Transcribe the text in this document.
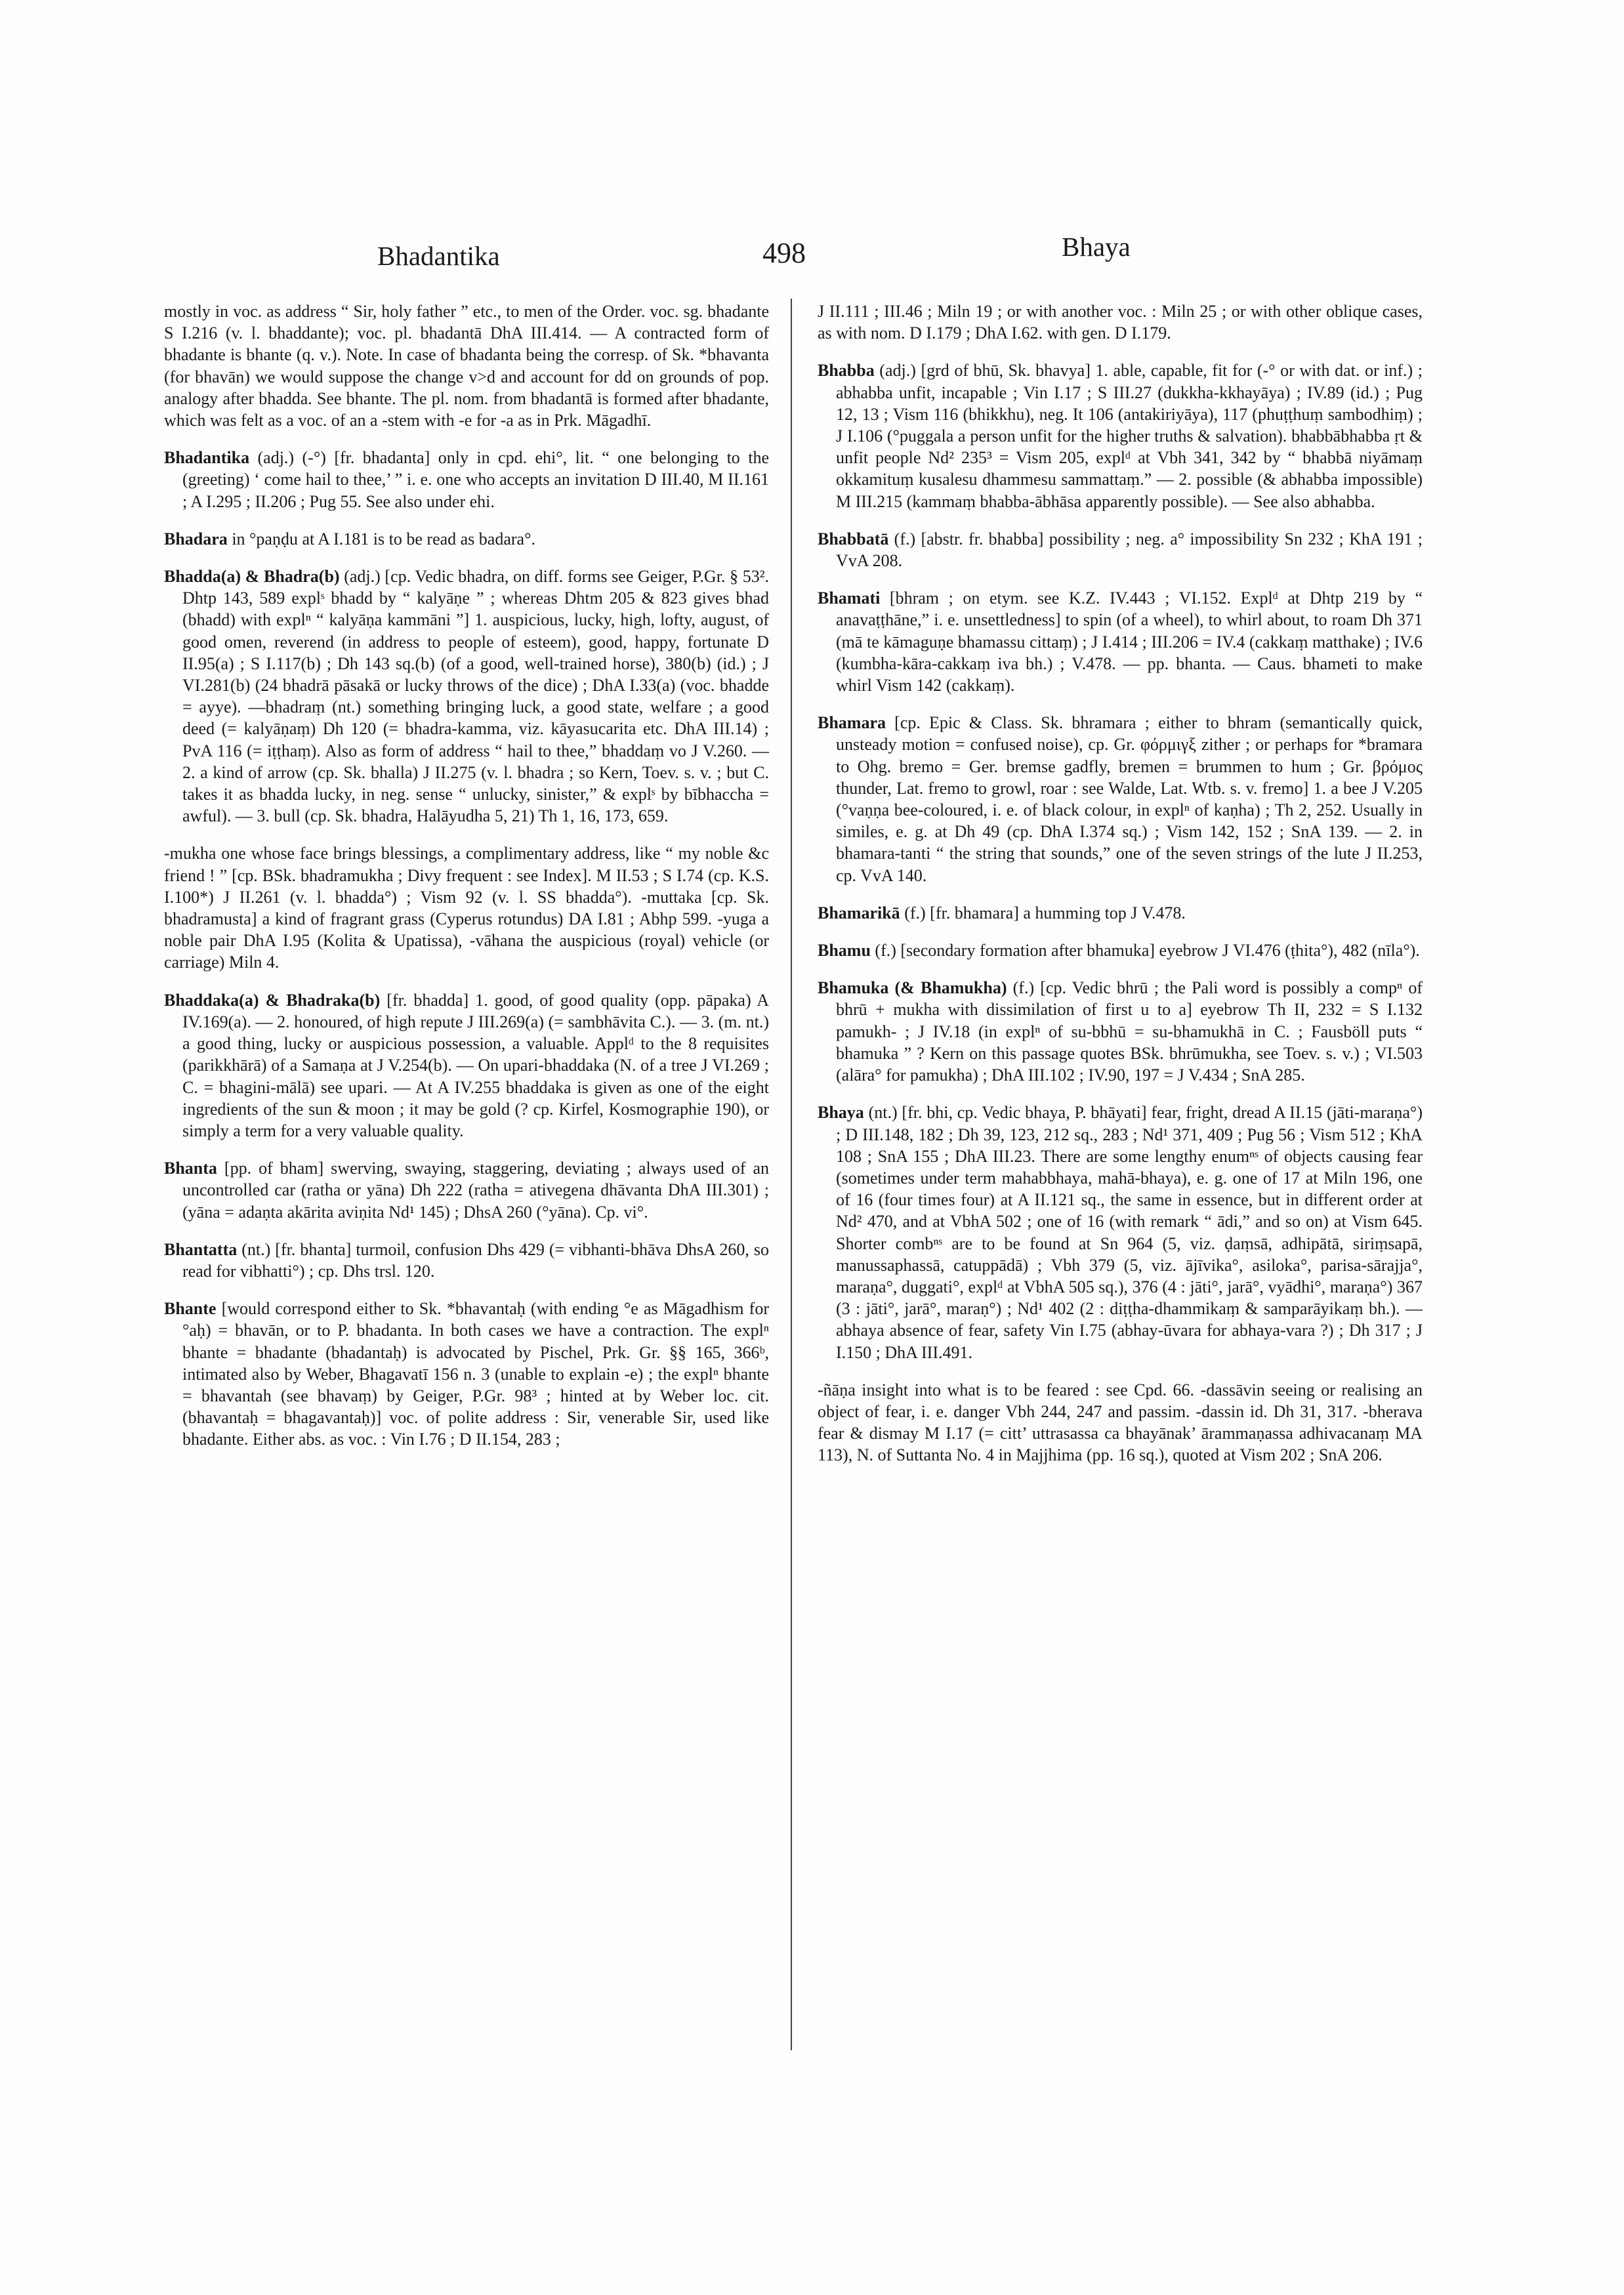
Bhadantika	498	Bhaya

mostly in voc. as address “ Sir, holy father ” etc., to men of the Order. voc. sg. bhadante S I.216 (v. l. bhaddante); voc. pl. bhadantā DhA III.414. — A contracted form of bhadante is bhante (q. v.). Note. In case of bhadanta being the corresp. of Sk. *bhavanta (for bhavān) we would suppose the change v>d and account for dd on grounds of pop. analogy after bhadda. See bhante. The pl. nom. from bhadantā is formed after bhadante, which was felt as a voc. of an a -stem with -e for -a as in Prk. Māgadhī.

Bhadantika (adj.) (-°) [fr. bhadanta] only in cpd. ehi°, lit. “ one belonging to the (greeting) ‘ come hail to thee,’ ” i. e. one who accepts an invitation D III.40, M II.161 ; A I.295 ; II.206 ; Pug 55. See also under ehi.

Bhadara in °paṇḍu at A I.181 is to be read as badara°.

Bhadda(a) & Bhadra(b) (adj.) [cp. Vedic bhadra, on diff. forms see Geiger, P.Gr. § 53². Dhtp 143, 589 explˢ bhadd by “ kalyāṇe ” ; whereas Dhtm 205 & 823 gives bhad (bhadd) with explⁿ “ kalyāṇa kammāni ”] 1. auspicious, lucky, high, lofty, august, of good omen, reverend (in address to people of esteem), good, happy, fortunate D II.95(a) ; S I.117(b) ; Dh 143 sq.(b) (of a good, well-trained horse), 380(b) (id.) ; J VI.281(b) (24 bhadrā pāsakā or lucky throws of the dice) ; DhA I.33(a) (voc. bhadde = ayye). —bhadraṃ (nt.) something bringing luck, a good state, welfare ; a good deed (= kalyāṇaṃ) Dh 120 (= bhadra-kamma, viz. kāyasucarita etc. DhA III.14) ; PvA 116 (= iṭṭhaṃ). Also as form of address “ hail to thee,” bhaddaṃ vo J V.260. — 2. a kind of arrow (cp. Sk. bhalla) J II.275 (v. l. bhadra ; so Kern, Toev. s. v. ; but C. takes it as bhadda lucky, in neg. sense “ unlucky, sinister,” & explˢ by bībhaccha = awful). — 3. bull (cp. Sk. bhadra, Halāyudha 5, 21) Th 1, 16, 173, 659.

-mukha one whose face brings blessings, a complimentary address, like “ my noble &c friend ! ” [cp. BSk. bhadramukha ; Divy frequent : see Index]. M II.53 ; S I.74 (cp. K.S. I.100*) J II.261 (v. l. bhadda°) ; Vism 92 (v. l. SS bhadda°). -muttaka [cp. Sk. bhadramusta] a kind of fragrant grass (Cyperus rotundus) DA I.81 ; Abhp 599. -yuga a noble pair DhA I.95 (Kolita & Upatissa), -vāhana the auspicious (royal) vehicle (or carriage) Miln 4.

Bhaddaka(a) & Bhadraka(b) [fr. bhadda] 1. good, of good quality (opp. pāpaka) A IV.169(a). — 2. honoured, of high repute J III.269(a) (= sambhāvita C.). — 3. (m. nt.) a good thing, lucky or auspicious possession, a valuable. Applᵈ to the 8 requisites (parikkhārā) of a Samaṇa at J V.254(b). — On upari-bhaddaka (N. of a tree J VI.269 ; C. = bhagini-mālā) see upari. — At A IV.255 bhaddaka is given as one of the eight ingredients of the sun & moon ; it may be gold (? cp. Kirfel, Kosmographie 190), or simply a term for a very valuable quality.

Bhanta [pp. of bham] swerving, swaying, staggering, deviating ; always used of an uncontrolled car (ratha or yāna) Dh 222 (ratha = ativegena dhāvanta DhA III.301) ; (yāna = adaṇta akārita aviṇita Nd¹ 145) ; DhsA 260 (°yāna). Cp. vi°.

Bhantatta (nt.) [fr. bhanta] turmoil, confusion Dhs 429 (= vibhanti-bhāva DhsA 260, so read for vibhatti°) ; cp. Dhs trsl. 120.

Bhante [would correspond either to Sk. *bhavantaḥ (with ending °e as Māgadhism for °aḥ) = bhavān, or to P. bhadanta. In both cases we have a contraction. The explⁿ bhante = bhadante (bhadantaḥ) is advocated by Pischel, Prk. Gr. §§ 165, 366ᵇ, intimated also by Weber, Bhagavatī 156 n. 3 (unable to explain -e) ; the explⁿ bhante = bhavantah (see bhavaṃ) by Geiger, P.Gr. 98³ ; hinted at by Weber loc. cit. (bhavantaḥ = bhagavantaḥ)] voc. of polite address : Sir, venerable Sir, used like bhadante. Either abs. as voc. : Vin I.76 ; D II.154, 283 ;

J II.111 ; III.46 ; Miln 19 ; or with another voc. : Miln 25 ; or with other oblique cases, as with nom. D I.179 ; DhA I.62. with gen. D I.179.

Bhabba (adj.) [grd of bhū, Sk. bhavya] 1. able, capable, fit for (-° or with dat. or inf.) ; abhabba unfit, incapable ; Vin I.17 ; S III.27 (dukkha-kkhayāya) ; IV.89 (id.) ; Pug 12, 13 ; Vism 116 (bhikkhu), neg. It 106 (antakiriyāya), 117 (phuṭṭhuṃ sambodhiṃ) ; J I.106 (°puggala a person unfit for the higher truths & salvation). bhabbābhabba ṛt & unfit people Nd² 235³ = Vism 205, explᵈ at Vbh 341, 342 by “ bhabbā niyāmaṃ okkamituṃ kusalesu dhammesu sammattaṃ.” — 2. possible (& abhabba impossible) M III.215 (kammaṃ bhabba-ābhāsa apparently possible). — See also abhabba.

Bhabbatā (f.) [abstr. fr. bhabba] possibility ; neg. a° impossibility Sn 232 ; KhA 191 ; VvA 208.

Bhamati [bhram ; on etym. see K.Z. IV.443 ; VI.152. Explᵈ at Dhtp 219 by “ anavaṭṭhāne,” i. e. unsettledness] to spin (of a wheel), to whirl about, to roam Dh 371 (mā te kāmaguṇe bhamassu cittaṃ) ; J I.414 ; III.206 = IV.4 (cakkaṃ matthake) ; IV.6 (kumbha-kāra-cakkaṃ iva bh.) ; V.478. — pp. bhanta. — Caus. bhameti to make whirl Vism 142 (cakkaṃ).

Bhamara [cp. Epic & Class. Sk. bhramara ; either to bhram (semantically quick, unsteady motion = confused noise), cp. Gr. φόρμιγξ zither ; or perhaps for *bramara to Ohg. bremo = Ger. bremse gadfly, bremen = brummen to hum ; Gr. βρόμος thunder, Lat. fremo to growl, roar : see Walde, Lat. Wtb. s. v. fremo] 1. a bee J V.205 (°vaṇṇa bee-coloured, i. e. of black colour, in explⁿ of kaṇha) ; Th 2, 252. Usually in similes, e. g. at Dh 49 (cp. DhA I.374 sq.) ; Vism 142, 152 ; SnA 139. — 2. in bhamara-tanti “ the string that sounds,” one of the seven strings of the lute J II.253, cp. VvA 140.

Bhamarikā (f.) [fr. bhamara] a humming top J V.478.

Bhamu (f.) [secondary formation after bhamuka] eyebrow J VI.476 (ṭhita°), 482 (nīla°).

Bhamuka (& Bhamukha) (f.) [cp. Vedic bhrū ; the Pali word is possibly a compⁿ of bhrū + mukha with dissimilation of first u to a] eyebrow Th II, 232 = S I.132 pamukh- ; J IV.18 (in explⁿ of su-bbhū = su-bhamukhā in C. ; Fausböll puts “ bhamuka ” ? Kern on this passage quotes BSk. bhrūmukha, see Toev. s. v.) ; VI.503 (alāra° for pamukha) ; DhA III.102 ; IV.90, 197 = J V.434 ; SnA 285.

Bhaya (nt.) [fr. bhi, cp. Vedic bhaya, P. bhāyati] fear, fright, dread A II.15 (jāti-maraṇa°) ; D III.148, 182 ; Dh 39, 123, 212 sq., 283 ; Nd¹ 371, 409 ; Pug 56 ; Vism 512 ; KhA 108 ; SnA 155 ; DhA III.23. There are some lengthy enumⁿˢ of objects causing fear (sometimes under term mahabbhaya, mahā-bhaya), e. g. one of 17 at Miln 196, one of 16 (four times four) at A II.121 sq., the same in essence, but in different order at Nd² 470, and at VbhA 502 ; one of 16 (with remark “ ādi,” and so on) at Vism 645. Shorter combⁿˢ are to be found at Sn 964 (5, viz. ḍaṃsā, adhipātā, siriṃsapā, manussaphassā, catuppādā) ; Vbh 379 (5, viz. ājīvika°, asiloka°, parisa-sārajja°, maraṇa°, duggati°, explᵈ at VbhA 505 sq.), 376 (4 : jāti°, jarā°, vyādhi°, maraṇa°) 367 (3 : jāti°, jarā°, maraṇ°) ; Nd¹ 402 (2 : diṭṭha-dhammikaṃ & samparāyikaṃ bh.). —abhaya absence of fear, safety Vin I.75 (abhay-ūvara for abhaya-vara ?) ; Dh 317 ; J I.150 ; DhA III.491.

-ñāṇa insight into what is to be feared : see Cpd. 66. -dassāvin seeing or realising an object of fear, i. e. danger Vbh 244, 247 and passim. -dassin id. Dh 31, 317. -bherava fear & dismay M I.17 (= citt’ uttrasassa ca bhayānak’ ārammaṇassa adhivacanaṃ MA 113), N. of Suttanta No. 4 in Majjhima (pp. 16 sq.), quoted at Vism 202 ; SnA 206.
